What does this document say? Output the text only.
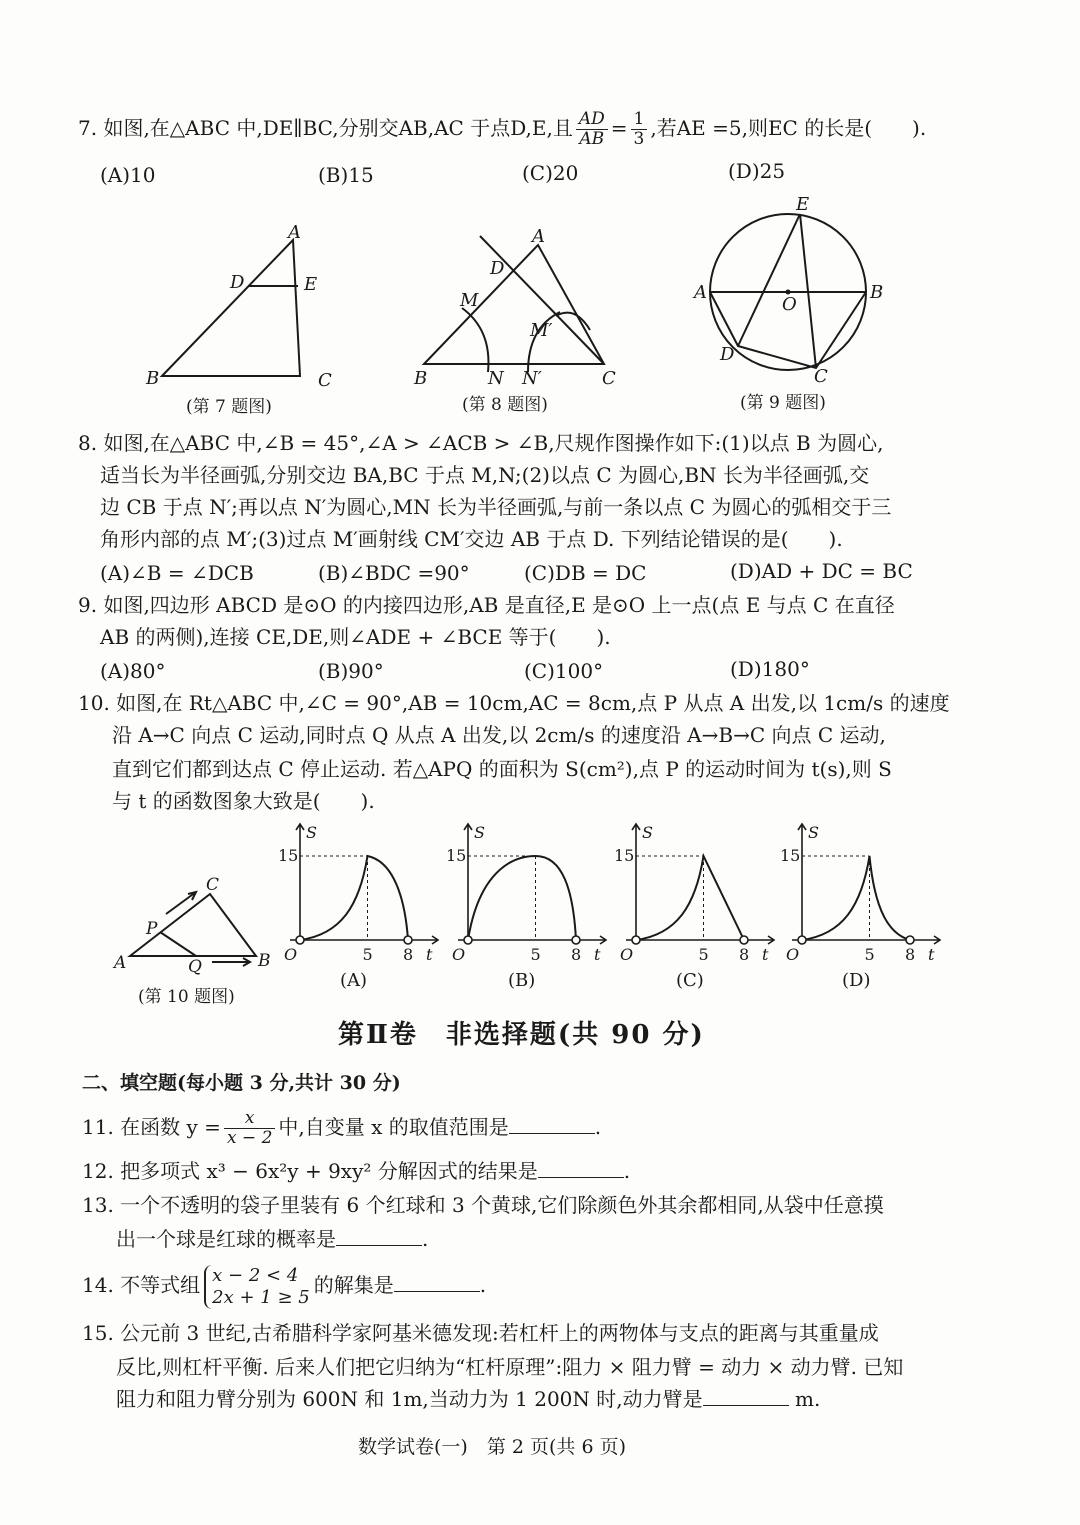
7. 如图,在△ABC 中,DE∥BC,分别交AB,AC 于点D,E,且 $\frac{AD}{AB} = \frac{1}{3}$ ,若AE =5,则EC 的长是(　　).
(A)10	(B)15	(C)20	(D)25
A
B	C
D	E
A
B	C
D
M
M′
N N′
A	B
C
D
E
O
(第 7 题图)	(第 8 题图)	(第 9 题图)
8. 如图,在△ABC 中,∠B = 45°,∠A > ∠ACB > ∠B,尺规作图操作如下:(1)以点 B 为圆心,
适当长为半径画弧,分别交边 BA,BC 于点 M,N;(2)以点 C 为圆心,BN 长为半径画弧,交
边 CB 于点 N′;再以点 N′为圆心,MN 长为半径画弧,与前一条以点 C 为圆心的弧相交于三
角形内部的点 M′;(3)过点 M′画射线 CM′交边 AB 于点 D. 下列结论错误的是(　　).
(A)∠B = ∠DCB	(B)∠BDC =90°	(C)DB = DC	(D)AD + DC = BC
9. 如图,四边形 ABCD 是⊙O 的内接四边形,AB 是直径,E 是⊙O 上一点(点 E 与点 C 在直径
AB 的两侧),连接 CE,DE,则∠ADE + ∠BCE 等于(　　).
(A)80°	(B)90°	(C)100°	(D)180°
10. 如图,在 Rt△ABC 中,∠C = 90°,AB = 10cm,AC = 8cm,点 P 从点 A 出发,以 1cm/s 的速度
沿 A→C 向点 C 运动,同时点 Q 从点 A 出发,以 2cm/s 的速度沿 A→B→C 向点 C 运动,
直到它们都到达点 C 停止运动. 若△APQ 的面积为 S(cm²),点 P 的运动时间为 t(s),则 S
与 t 的函数图象大致是(　　).
A	B
C
P
Q
S
t
O
15
5 8
(A)
S
t
O
15
5 8
(B)
S
t
O
15
5 8
(C)
S
t
O
15
5 8
(D)
(第 10 题图)
第Ⅱ卷　非选择题(共 90 分)
二、填空题(每小题 3 分,共计 30 分)
11. 在函数 $y = \frac{x}{x - 2}$ 中,自变量 x 的取值范围是	.
12. 把多项式 x³ − 6x²y + 9xy² 分解因式的结果是	.
13. 一个不透明的袋子里装有 6 个红球和 3 个黄球,它们除颜色外其余都相同,从袋中任意摸
出一个球是红球的概率是	.
14. 不等式组 x − 2 < 4
2x + 1 ≥ 5 的解集是	.
15. 公元前 3 世纪,古希腊科学家阿基米德发现:若杠杆上的两物体与支点的距离与其重量成
反比,则杠杆平衡. 后来人们把它归纳为“杠杆原理”:阻力 × 阻力臂 = 动力 × 动力臂. 已知
阻力和阻力臂分别为 600N 和 1m,当动力为 1 200N 时,动力臂是	m.
数学试卷(一)　第 2 页(共 6 页)
